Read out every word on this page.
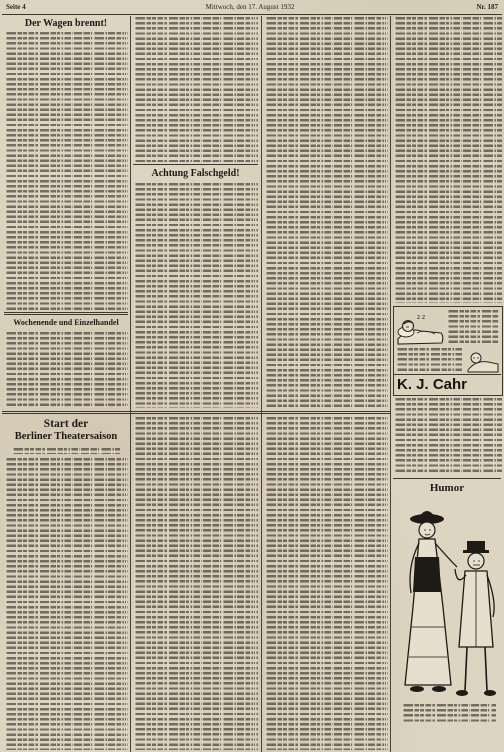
Seite 4	Mittwoch, den 17. August 1932	Nr. 187
Der Wagen brennt!
Wochenende und Einzelhandel
Achtung Falschgeld!
Start der
Berliner Theatersaison
z z
K. J. Cahr
Humor
